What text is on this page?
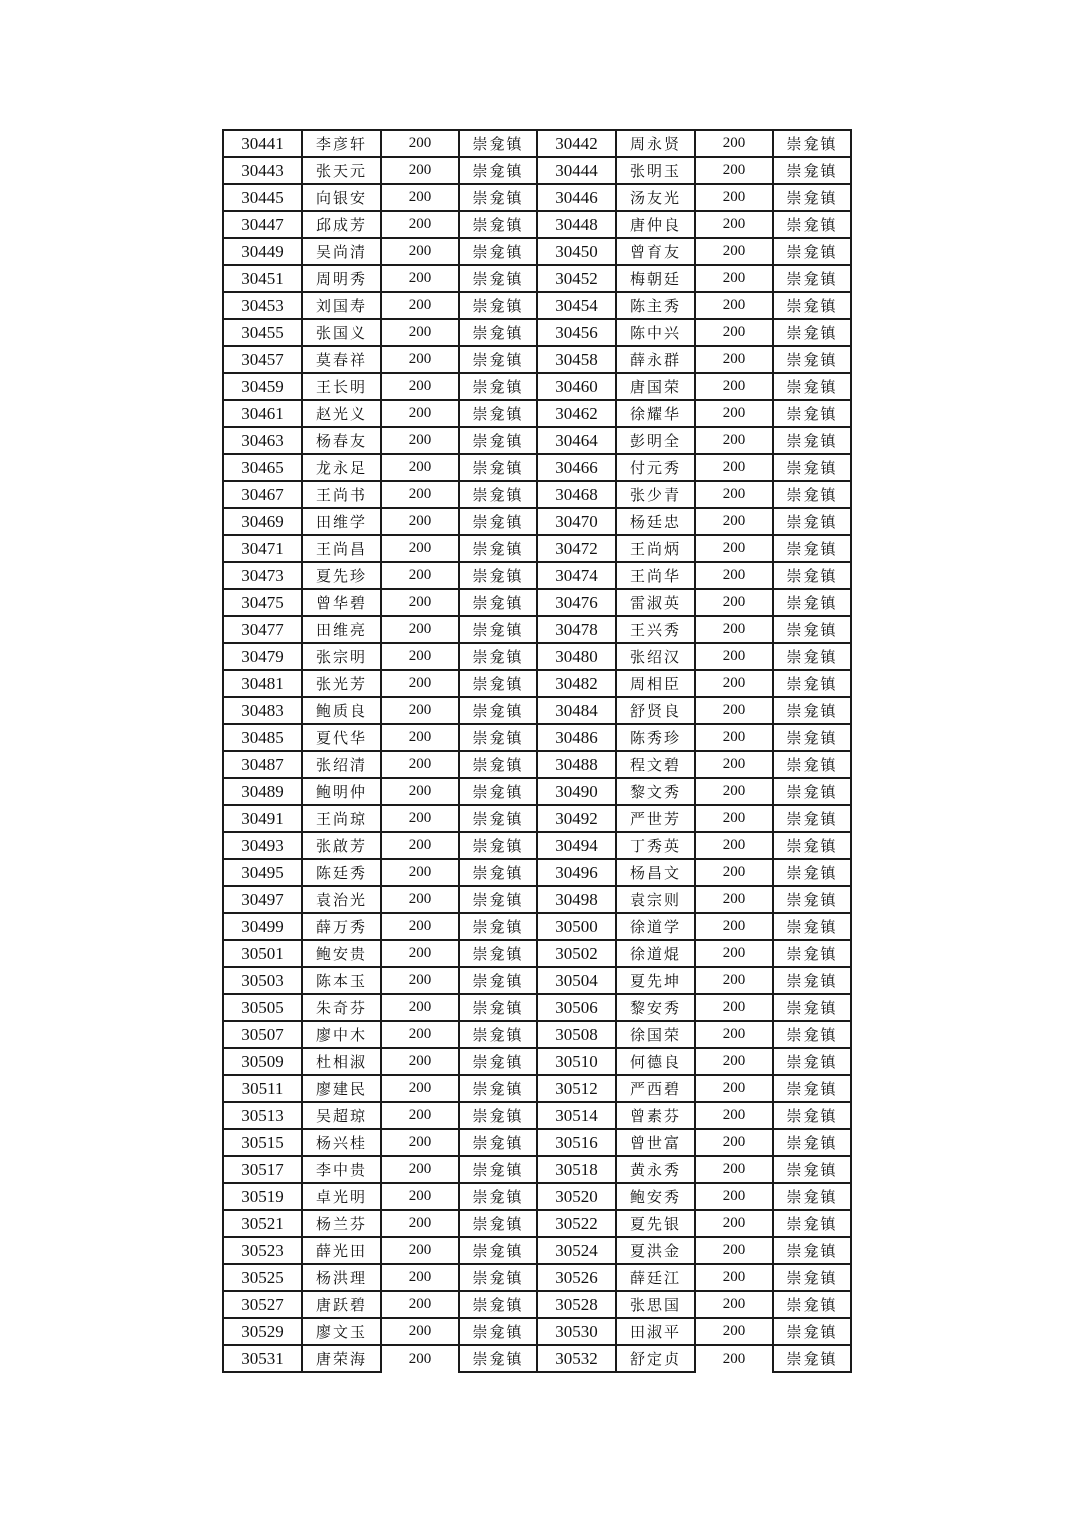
30441	李彦轩	200	崇龛镇	30442	周永贤	200	崇龛镇
30443	张天元	200	崇龛镇	30444	张明玉	200	崇龛镇
30445	向银安	200	崇龛镇	30446	汤友光	200	崇龛镇
30447	邱成芳	200	崇龛镇	30448	唐仲良	200	崇龛镇
30449	吴尚清	200	崇龛镇	30450	曾育友	200	崇龛镇
30451	周明秀	200	崇龛镇	30452	梅朝廷	200	崇龛镇
30453	刘国寿	200	崇龛镇	30454	陈主秀	200	崇龛镇
30455	张国义	200	崇龛镇	30456	陈中兴	200	崇龛镇
30457	莫春祥	200	崇龛镇	30458	薛永群	200	崇龛镇
30459	王长明	200	崇龛镇	30460	唐国荣	200	崇龛镇
30461	赵光义	200	崇龛镇	30462	徐耀华	200	崇龛镇
30463	杨春友	200	崇龛镇	30464	彭明全	200	崇龛镇
30465	龙永足	200	崇龛镇	30466	付元秀	200	崇龛镇
30467	王尚书	200	崇龛镇	30468	张少青	200	崇龛镇
30469	田维学	200	崇龛镇	30470	杨廷忠	200	崇龛镇
30471	王尚昌	200	崇龛镇	30472	王尚炳	200	崇龛镇
30473	夏先珍	200	崇龛镇	30474	王尚华	200	崇龛镇
30475	曾华碧	200	崇龛镇	30476	雷淑英	200	崇龛镇
30477	田维亮	200	崇龛镇	30478	王兴秀	200	崇龛镇
30479	张宗明	200	崇龛镇	30480	张绍汉	200	崇龛镇
30481	张光芳	200	崇龛镇	30482	周相臣	200	崇龛镇
30483	鲍质良	200	崇龛镇	30484	舒贤良	200	崇龛镇
30485	夏代华	200	崇龛镇	30486	陈秀珍	200	崇龛镇
30487	张绍清	200	崇龛镇	30488	程文碧	200	崇龛镇
30489	鲍明仲	200	崇龛镇	30490	黎文秀	200	崇龛镇
30491	王尚琼	200	崇龛镇	30492	严世芳	200	崇龛镇
30493	张啟芳	200	崇龛镇	30494	丁秀英	200	崇龛镇
30495	陈廷秀	200	崇龛镇	30496	杨昌文	200	崇龛镇
30497	袁治光	200	崇龛镇	30498	袁宗则	200	崇龛镇
30499	薛万秀	200	崇龛镇	30500	徐道学	200	崇龛镇
30501	鲍安贵	200	崇龛镇	30502	徐道焜	200	崇龛镇
30503	陈本玉	200	崇龛镇	30504	夏先坤	200	崇龛镇
30505	朱奇芬	200	崇龛镇	30506	黎安秀	200	崇龛镇
30507	廖中木	200	崇龛镇	30508	徐国荣	200	崇龛镇
30509	杜相淑	200	崇龛镇	30510	何德良	200	崇龛镇
30511	廖建民	200	崇龛镇	30512	严西碧	200	崇龛镇
30513	吴超琼	200	崇龛镇	30514	曾素芬	200	崇龛镇
30515	杨兴桂	200	崇龛镇	30516	曾世富	200	崇龛镇
30517	李中贵	200	崇龛镇	30518	黄永秀	200	崇龛镇
30519	卓光明	200	崇龛镇	30520	鲍安秀	200	崇龛镇
30521	杨兰芬	200	崇龛镇	30522	夏先银	200	崇龛镇
30523	薛光田	200	崇龛镇	30524	夏洪金	200	崇龛镇
30525	杨洪理	200	崇龛镇	30526	薛廷江	200	崇龛镇
30527	唐跃碧	200	崇龛镇	30528	张思国	200	崇龛镇
30529	廖文玉	200	崇龛镇	30530	田淑平	200	崇龛镇
30531	唐荣海	200	崇龛镇	30532	舒定贞	200	崇龛镇
